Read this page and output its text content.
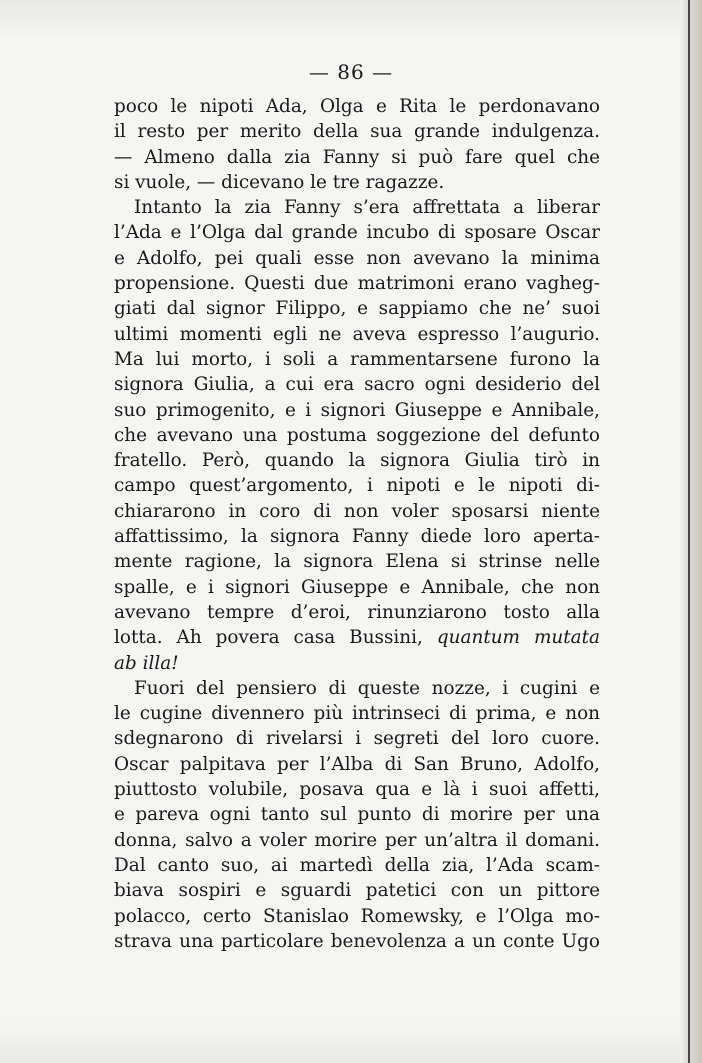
— 86 —
poco le nipoti Ada, Olga e Rita le perdonavano
il resto per merito della sua grande indulgenza.
— Almeno dalla zia Fanny si può fare quel che
si vuole, — dicevano le tre ragazze.
Intanto la zia Fanny s’era affrettata a liberar
l’Ada e l’Olga dal grande incubo di sposare Oscar
e Adolfo, pei quali esse non avevano la minima
propensione. Questi due matrimoni erano vagheg-
giati dal signor Filippo, e sappiamo che ne’ suoi
ultimi momenti egli ne aveva espresso l’augurio.
Ma lui morto, i soli a rammentarsene furono la
signora Giulia, a cui era sacro ogni desiderio del
suo primogenito, e i signori Giuseppe e Annibale,
che avevano una postuma soggezione del defunto
fratello. Però, quando la signora Giulia tirò in
campo quest’argomento, i nipoti e le nipoti di-
chiararono in coro di non voler sposarsi niente
affattissimo, la signora Fanny diede loro aperta-
mente ragione, la signora Elena si strinse nelle
spalle, e i signori Giuseppe e Annibale, che non
avevano tempre d’eroi, rinunziarono tosto alla
lotta. Ah povera casa Bussini, quantum mutata
ab illa!
Fuori del pensiero di queste nozze, i cugini e
le cugine divennero più intrinseci di prima, e non
sdegnarono di rivelarsi i segreti del loro cuore.
Oscar palpitava per l’Alba di San Bruno, Adolfo,
piuttosto volubile, posava qua e là i suoi affetti,
e pareva ogni tanto sul punto di morire per una
donna, salvo a voler morire per un’altra il domani.
Dal canto suo, ai martedì della zia, l’Ada scam-
biava sospiri e sguardi patetici con un pittore
polacco, certo Stanislao Romewsky, e l’Olga mo-
strava una particolare benevolenza a un conte Ugo
